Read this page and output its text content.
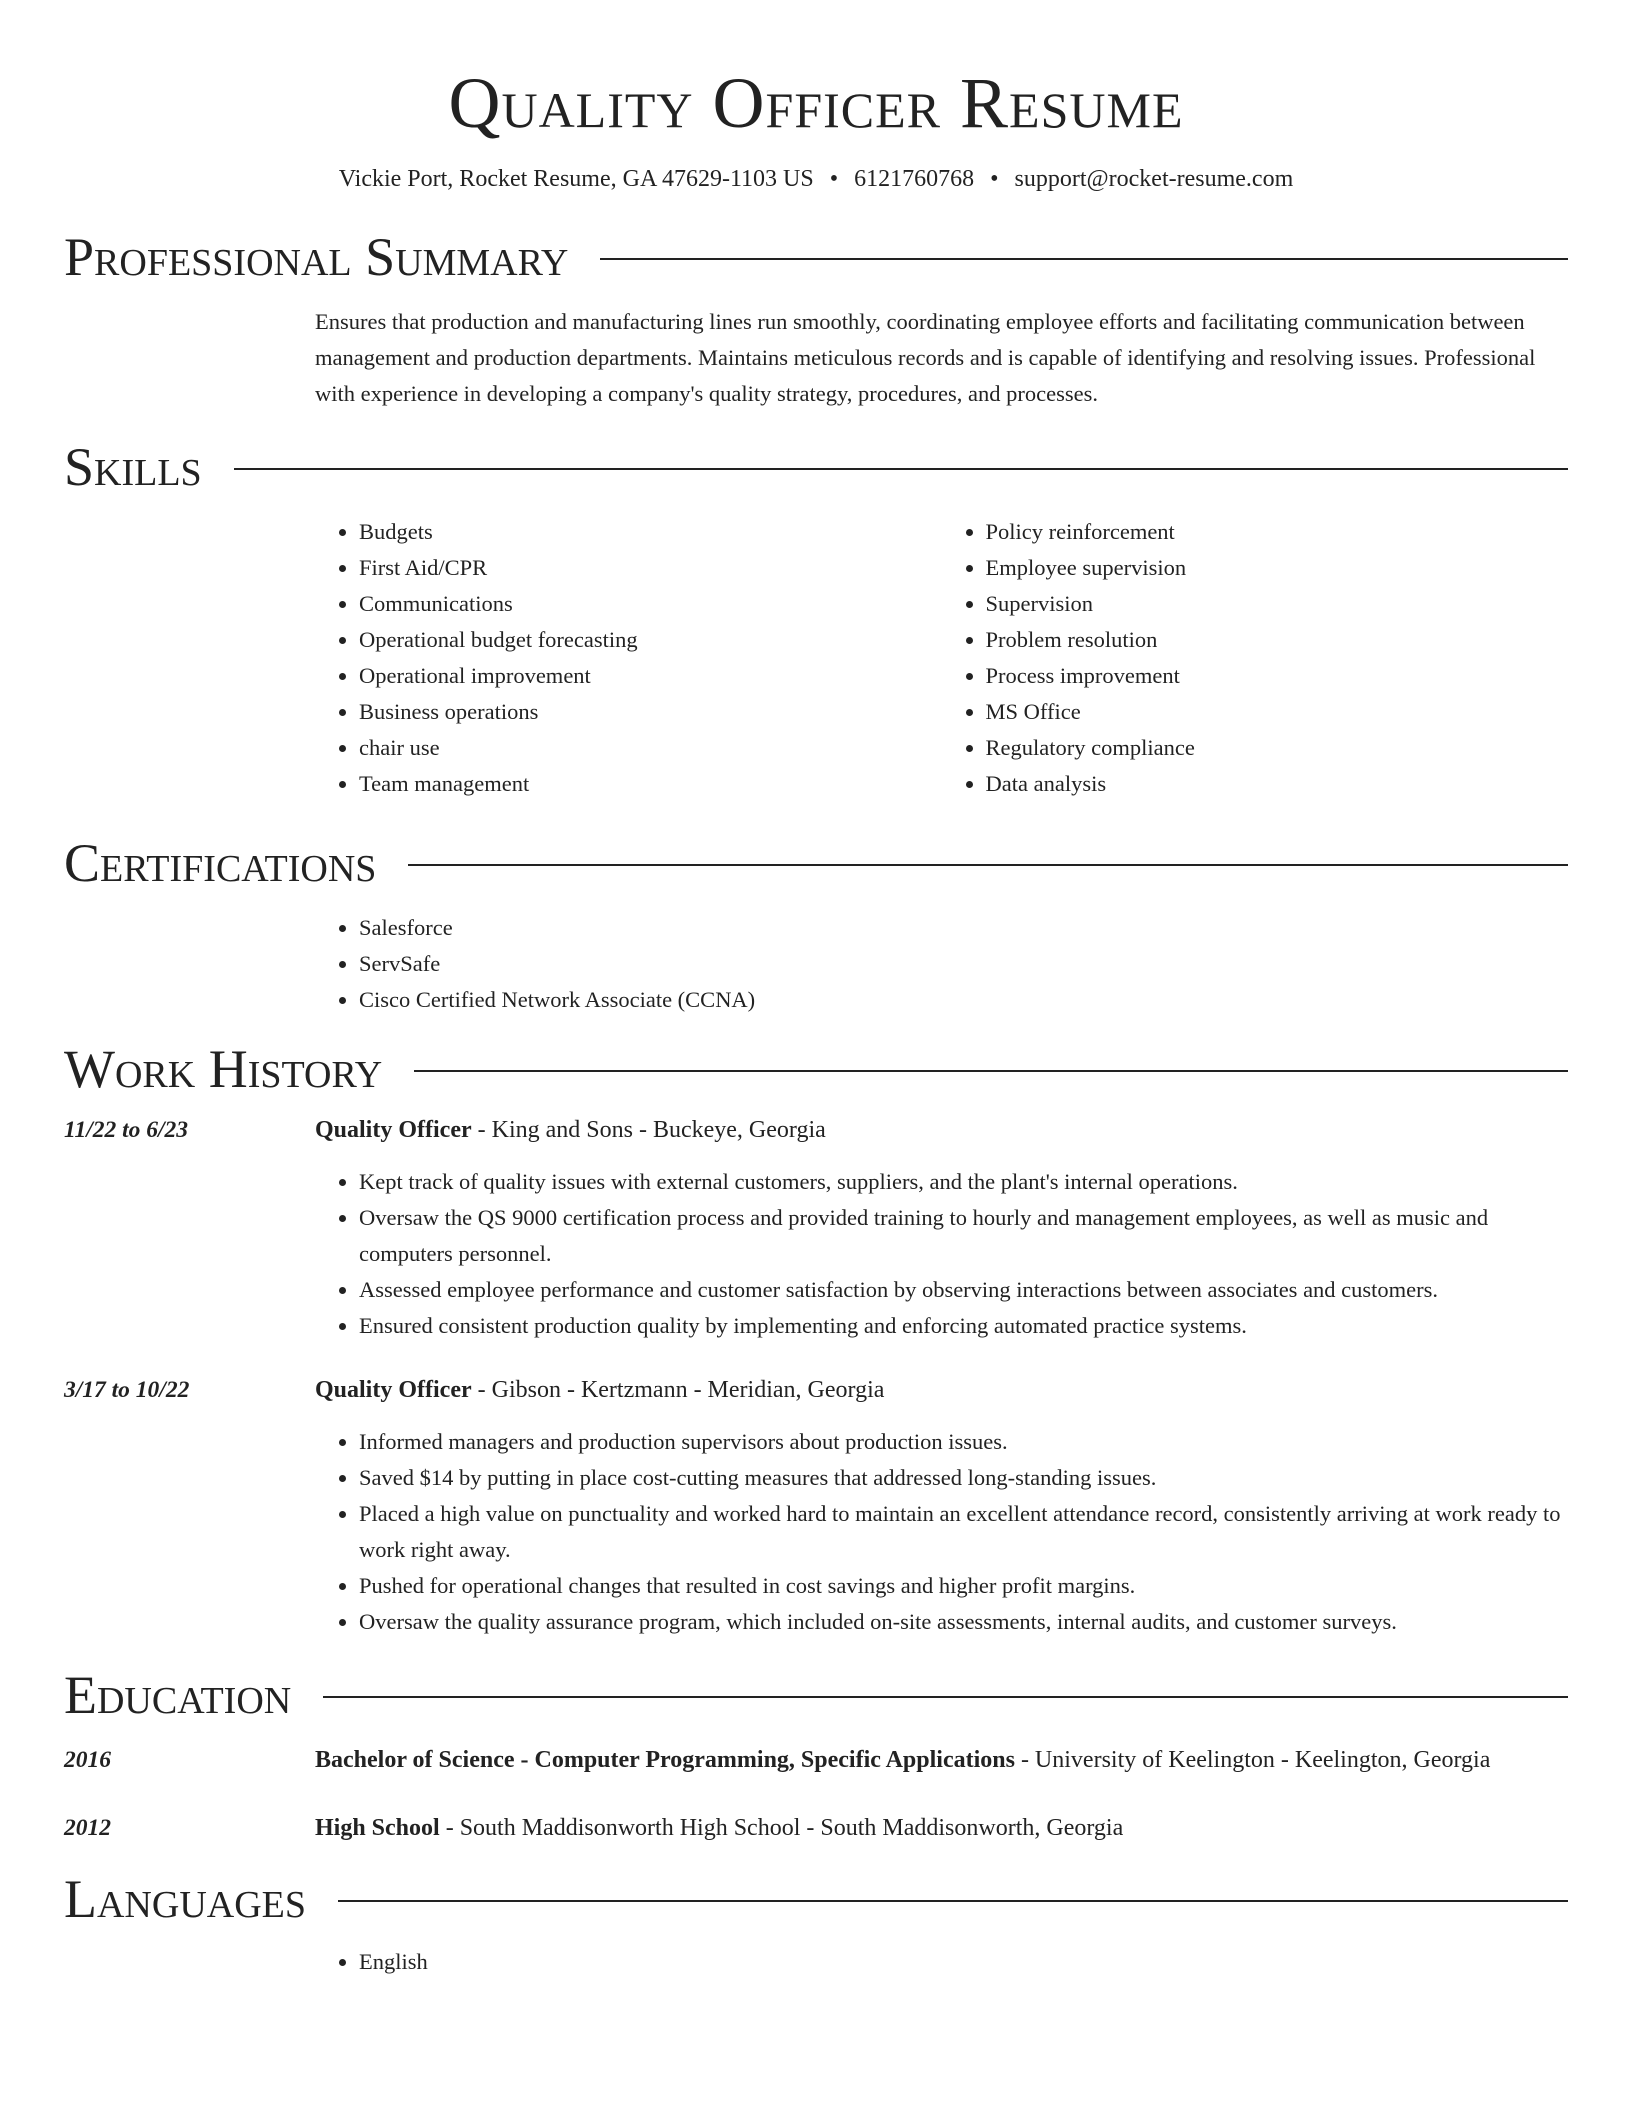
Quality Officer Resume
Vickie Port, Rocket Resume, GA 47629-1103 US • 6121760768 • support@rocket-resume.com
Professional Summary
Ensures that production and manufacturing lines run smoothly, coordinating employee efforts and facilitating communication between management and production departments. Maintains meticulous records and is capable of identifying and resolving issues. Professional with experience in developing a company's quality strategy, procedures, and processes.
Skills
• Budgets
• First Aid/CPR
• Communications
• Operational budget forecasting
• Operational improvement
• Business operations
• chair use
• Team management
• Policy reinforcement
• Employee supervision
• Supervision
• Problem resolution
• Process improvement
• MS Office
• Regulatory compliance
• Data analysis
Certifications
• Salesforce
• ServSafe
• Cisco Certified Network Associate (CCNA)
Work History
11/22 to 6/23	Quality Officer - King and Sons - Buckeye, Georgia
• Kept track of quality issues with external customers, suppliers, and the plant's internal operations.
• Oversaw the QS 9000 certification process and provided training to hourly and management employees, as well as music and computers personnel.
• Assessed employee performance and customer satisfaction by observing interactions between associates and customers.
• Ensured consistent production quality by implementing and enforcing automated practice systems.
3/17 to 10/22	Quality Officer - Gibson - Kertzmann - Meridian, Georgia
• Informed managers and production supervisors about production issues.
• Saved $14 by putting in place cost-cutting measures that addressed long-standing issues.
• Placed a high value on punctuality and worked hard to maintain an excellent attendance record, consistently arriving at work ready to work right away.
• Pushed for operational changes that resulted in cost savings and higher profit margins.
• Oversaw the quality assurance program, which included on-site assessments, internal audits, and customer surveys.
Education
2016	Bachelor of Science - Computer Programming, Specific Applications - University of Keelington - Keelington, Georgia
2012	High School - South Maddisonworth High School - South Maddisonworth, Georgia
Languages
• English
